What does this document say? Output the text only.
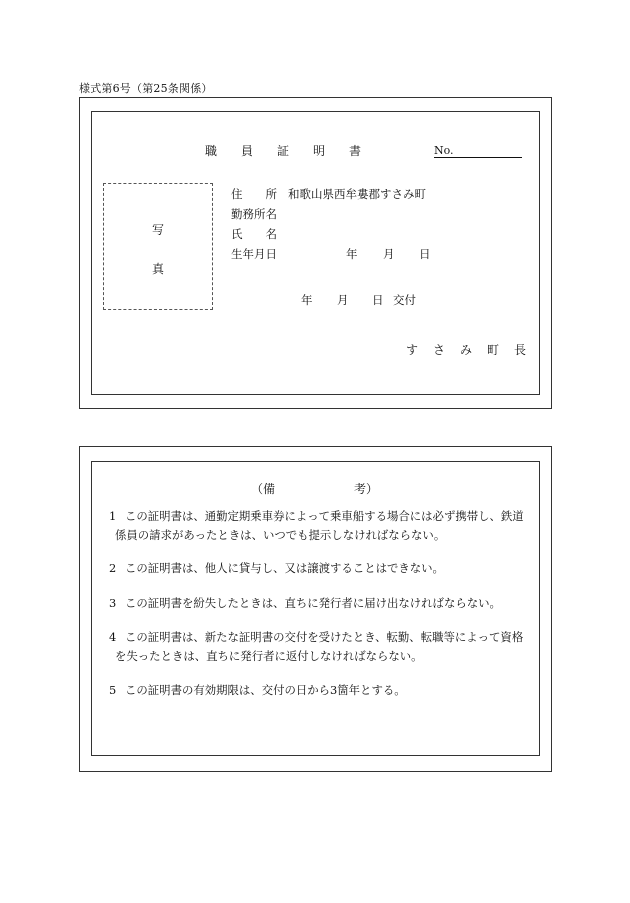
様式第6号（第25条関係）
職員証明書	No.
写
真
住所
和歌山県西牟婁郡すさみ町
勤務所名
氏名
生年月日	年 月 日
年 月 日 交付
すさみ町長
（備	考）
1 この証明書は、通勤定期乗車券によって乗車船する場合には必ず携帯し、鉄道
係員の請求があったときは、いつでも提示しなければならない。
2 この証明書は、他人に貸与し、又は譲渡することはできない。
3 この証明書を紛失したときは、直ちに発行者に届け出なければならない。
4 この証明書は、新たな証明書の交付を受けたとき、転勤、転職等によって資格
を失ったときは、直ちに発行者に返付しなければならない。
5 この証明書の有効期限は、交付の日から3箇年とする。
